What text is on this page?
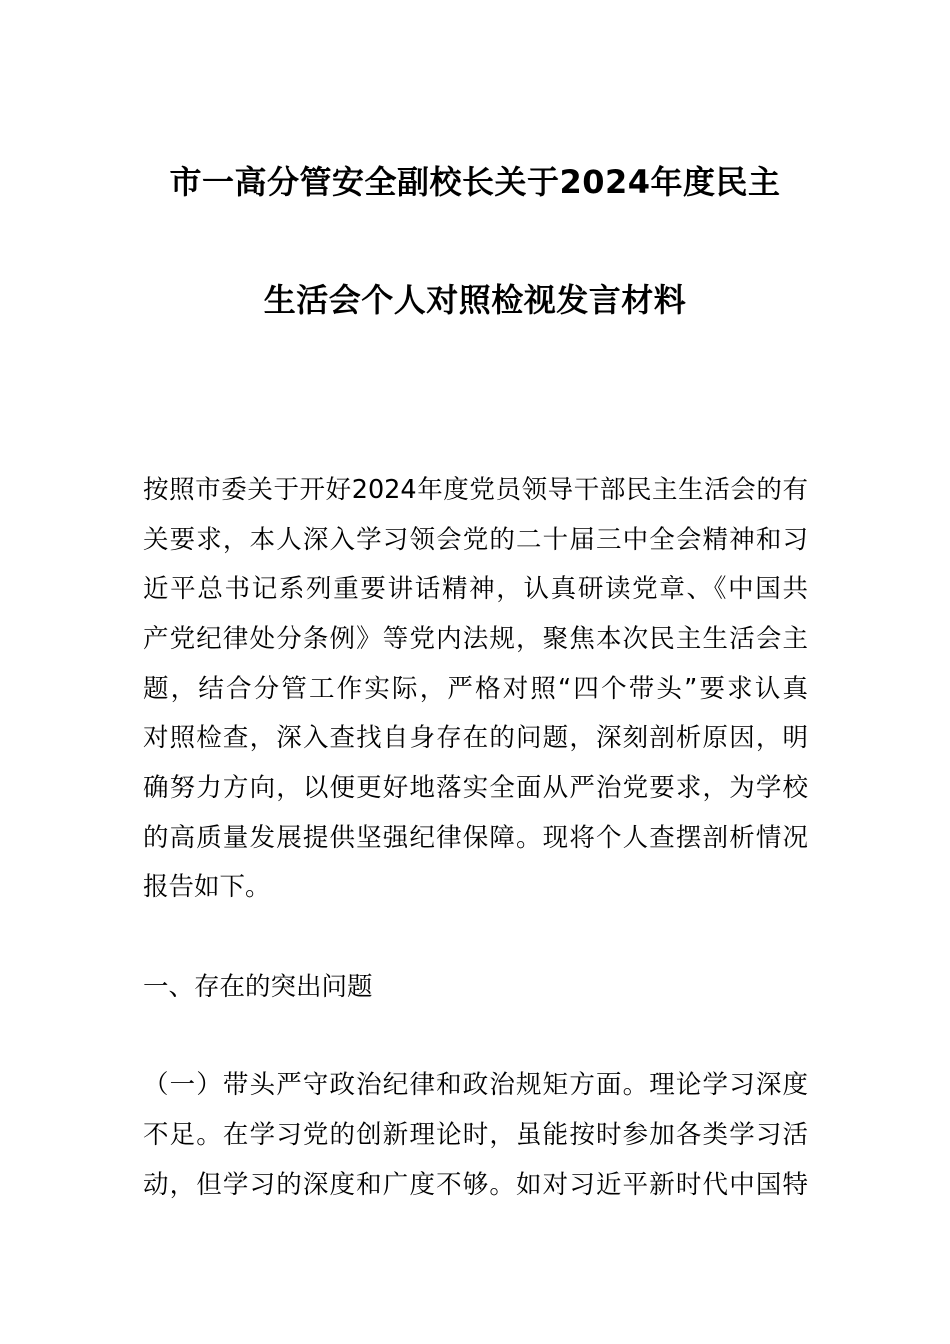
市一高分管安全副校长关于2024年度民主
生活会个人对照检视发言材料
按照市委关于开好2024年度党员领导干部民主生活会的有
关要求，本人深入学习领会党的二十届三中全会精神和习
近平总书记系列重要讲话精神，认真研读党章、《中国共
产党纪律处分条例》等党内法规，聚焦本次民主生活会主
题，结合分管工作实际，严格对照“四个带头”要求认真
对照检查，深入查找自身存在的问题，深刻剖析原因，明
确努力方向，以便更好地落实全面从严治党要求，为学校
的高质量发展提供坚强纪律保障。现将个人查摆剖析情况
报告如下。
一、存在的突出问题
（一）带头严守政治纪律和政治规矩方面。理论学习深度
不足。在学习党的创新理论时，虽能按时参加各类学习活
动，但学习的深度和广度不够。如对习近平新时代中国特
